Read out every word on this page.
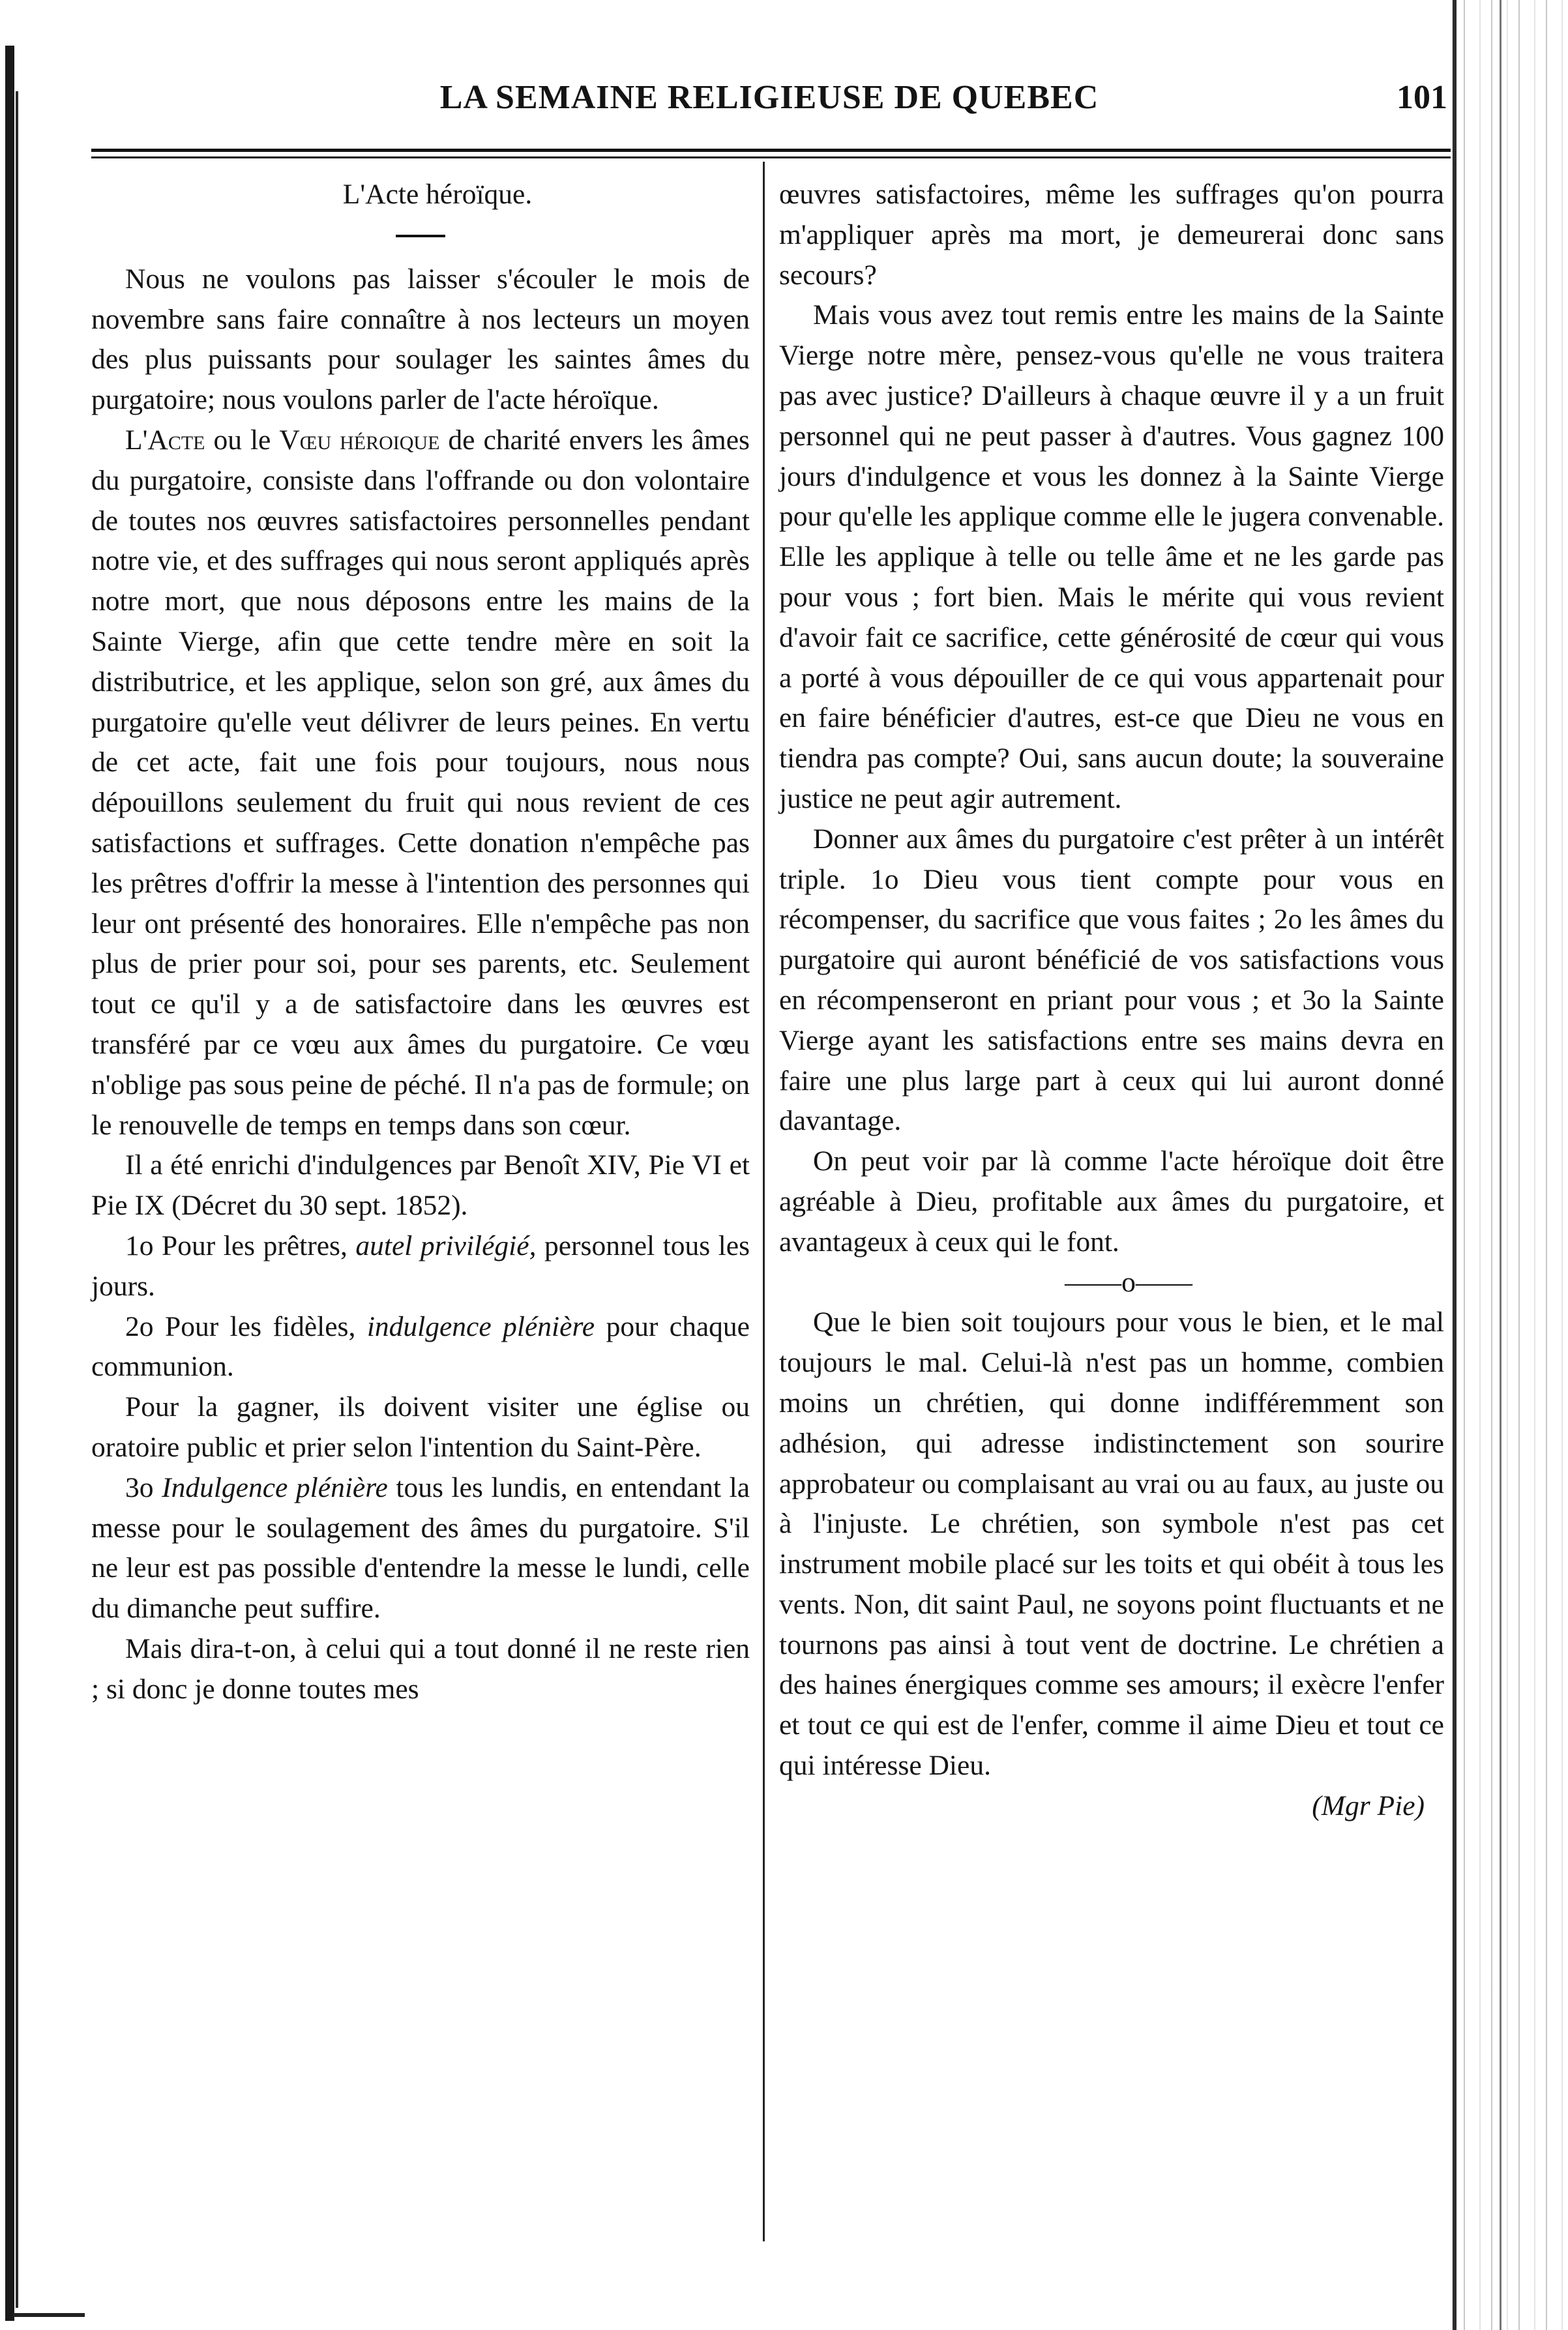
LA SEMAINE RELIGIEUSE DE QUEBEC	101

L'Acte héroïque.

Nous ne voulons pas laisser s'écouler le mois de novembre sans faire connaître à nos lecteurs un moyen des plus puissants pour soulager les saintes âmes du purgatoire; nous voulons parler de l'acte héroïque.

L'Acte ou le Vœu héroique de charité envers les âmes du purgatoire, consiste dans l'offrande ou don volontaire de toutes nos œuvres satisfactoires personnelles pendant notre vie, et des suffrages qui nous seront appliqués après notre mort, que nous déposons entre les mains de la Sainte Vierge, afin que cette tendre mère en soit la distributrice, et les applique, selon son gré, aux âmes du purgatoire qu'elle veut délivrer de leurs peines. En vertu de cet acte, fait une fois pour toujours, nous nous dépouillons seulement du fruit qui nous revient de ces satisfactions et suffrages. Cette donation n'empêche pas les prêtres d'offrir la messe à l'intention des personnes qui leur ont présenté des honoraires. Elle n'empêche pas non plus de prier pour soi, pour ses parents, etc. Seulement tout ce qu'il y a de satisfactoire dans les œuvres est transféré par ce vœu aux âmes du purgatoire. Ce vœu n'oblige pas sous peine de péché. Il n'a pas de formule; on le renouvelle de temps en temps dans son cœur.

Il a été enrichi d'indulgences par Benoît XIV, Pie VI et Pie IX (Décret du 30 sept. 1852).

1o Pour les prêtres, autel privilégié, personnel tous les jours.

2o Pour les fidèles, indulgence plénière pour chaque communion.

Pour la gagner, ils doivent visiter une église ou oratoire public et prier selon l'intention du Saint-Père.

3o Indulgence plénière tous les lundis, en entendant la messe pour le soulagement des âmes du purgatoire. S'il ne leur est pas possible d'entendre la messe le lundi, celle du dimanche peut suffire.

Mais dira-t-on, à celui qui a tout donné il ne reste rien ; si donc je donne toutes mes

œuvres satisfactoires, même les suffrages qu'on pourra m'appliquer après ma mort, je demeurerai donc sans secours?

Mais vous avez tout remis entre les mains de la Sainte Vierge notre mère, pensez-vous qu'elle ne vous traitera pas avec justice? D'ailleurs à chaque œuvre il y a un fruit personnel qui ne peut passer à d'autres. Vous gagnez 100 jours d'indulgence et vous les donnez à la Sainte Vierge pour qu'elle les applique comme elle le jugera convenable. Elle les applique à telle ou telle âme et ne les garde pas pour vous ; fort bien. Mais le mérite qui vous revient d'avoir fait ce sacrifice, cette générosité de cœur qui vous a porté à vous dépouiller de ce qui vous appartenait pour en faire bénéficier d'autres, est-ce que Dieu ne vous en tiendra pas compte? Oui, sans aucun doute; la souveraine justice ne peut agir autrement.

Donner aux âmes du purgatoire c'est prêter à un intérêt triple. 1o Dieu vous tient compte pour vous en récompenser, du sacrifice que vous faites ; 2o les âmes du purgatoire qui auront bénéficié de vos satisfactions vous en récompenseront en priant pour vous ; et 3o la Sainte Vierge ayant les satisfactions entre ses mains devra en faire une plus large part à ceux qui lui auront donné davantage.

On peut voir par là comme l'acte héroïque doit être agréable à Dieu, profitable aux âmes du purgatoire, et avantageux à ceux qui le font.

——o——

Que le bien soit toujours pour vous le bien, et le mal toujours le mal. Celui-là n'est pas un homme, combien moins un chrétien, qui donne indifféremment son adhésion, qui adresse indistinctement son sourire approbateur ou complaisant au vrai ou au faux, au juste ou à l'injuste. Le chrétien, son symbole n'est pas cet instrument mobile placé sur les toits et qui obéit à tous les vents. Non, dit saint Paul, ne soyons point fluctuants et ne tournons pas ainsi à tout vent de doctrine. Le chrétien a des haines énergiques comme ses amours; il exècre l'enfer et tout ce qui est de l'enfer, comme il aime Dieu et tout ce qui intéresse Dieu.

(Mgr Pie)
